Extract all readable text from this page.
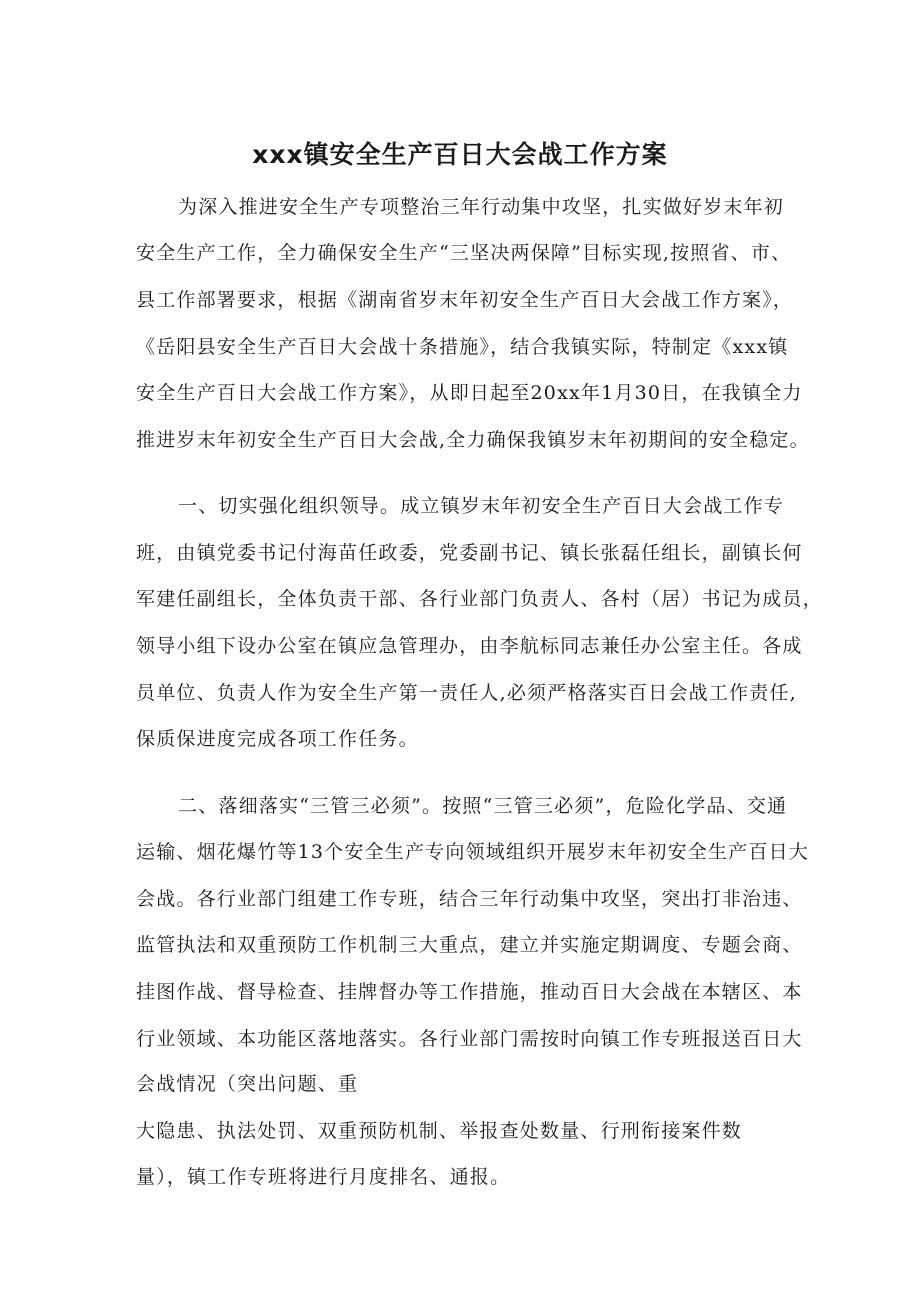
xxx镇安全生产百日大会战工作方案
为深入推进安全生产专项整治三年行动集中攻坚，扎实做好岁末年初
安全生产工作，全力确保安全生产“三坚决两保障”目标实现,按照省、市、
县工作部署要求，根据《湖南省岁末年初安全生产百日大会战工作方案》，
《岳阳县安全生产百日大会战十条措施》，结合我镇实际，特制定《xxx镇
安全生产百日大会战工作方案》，从即日起至20xx年1月30日，在我镇全力
推进岁末年初安全生产百日大会战,全力确保我镇岁末年初期间的安全稳定。
一、切实强化组织领导。成立镇岁末年初安全生产百日大会战工作专
班，由镇党委书记付海苗任政委，党委副书记、镇长张磊任组长，副镇长何
军建任副组长，全体负责干部、各行业部门负责人、各村（居）书记为成员，
领导小组下设办公室在镇应急管理办，由李航标同志兼任办公室主任。各成
员单位、负责人作为安全生产第一责任人,必须严格落实百日会战工作责任,
保质保进度完成各项工作任务。
二、落细落实“三管三必须”。按照“三管三必须”，危险化学品、交通
运输、烟花爆竹等13个安全生产专向领域组织开展岁末年初安全生产百日大
会战。各行业部门组建工作专班，结合三年行动集中攻坚，突出打非治违、
监管执法和双重预防工作机制三大重点，建立并实施定期调度、专题会商、
挂图作战、督导检查、挂牌督办等工作措施，推动百日大会战在本辖区、本
行业领域、本功能区落地落实。各行业部门需按时向镇工作专班报送百日大
会战情况（突出问题、重
大隐患、执法处罚、双重预防机制、举报查处数量、行刑衔接案件数
量），镇工作专班将进行月度排名、通报。
